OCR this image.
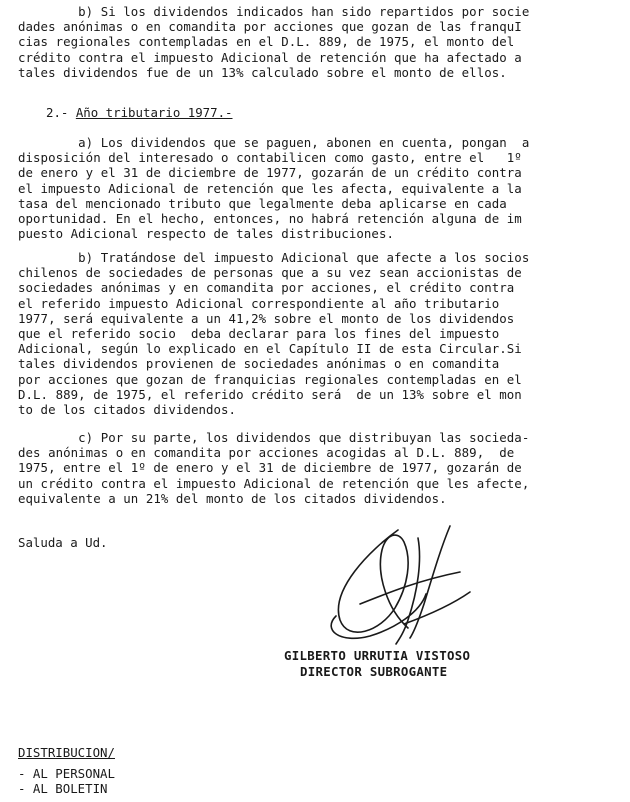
b) Si los dividendos indicados han sido repartidos por socie
dades anónimas o en comandita por acciones que gozan de las franquI
cias regionales contempladas en el D.L. 889, de 1975, el monto del
crédito contra el impuesto Adicional de retención que ha afectado a
tales dividendos fue de un 13% calculado sobre el monto de ellos.
2.- Año tributario 1977.-
a) Los dividendos que se paguen, abonen en cuenta, pongan  a
disposición del interesado o contabilicen como gasto, entre el   1º
de enero y el 31 de diciembre de 1977, gozarán de un crédito contra
el impuesto Adicional de retención que les afecta, equivalente a la
tasa del mencionado tributo que legalmente deba aplicarse en cada
oportunidad. En el hecho, entonces, no habrá retención alguna de im
puesto Adicional respecto de tales distribuciones.
b) Tratándose del impuesto Adicional que afecte a los socios
chilenos de sociedades de personas que a su vez sean accionistas de
sociedades anónimas y en comandita por acciones, el crédito contra
el referido impuesto Adicional correspondiente al año tributario
1977, será equivalente a un 41,2% sobre el monto de los dividendos
que el referido socio  deba declarar para los fines del impuesto
Adicional, según lo explicado en el Capítulo II de esta Circular.Si
tales dividendos provienen de sociedades anónimas o en comandita
por acciones que gozan de franquicias regionales contempladas en el
D.L. 889, de 1975, el referido crédito será  de un 13% sobre el mon
to de los citados dividendos.
c) Por su parte, los dividendos que distribuyan las socieda-
des anónimas o en comandita por acciones acogidas al D.L. 889,  de
1975, entre el 1º de enero y el 31 de diciembre de 1977, gozarán de
un crédito contra el impuesto Adicional de retención que les afecte,
equivalente a un 21% del monto de los citados dividendos.
Saluda a Ud.
GILBERTO URRUTIA VISTOSO
DIRECTOR SUBROGANTE
DISTRIBUCION/
- AL PERSONAL
- AL BOLETIN
